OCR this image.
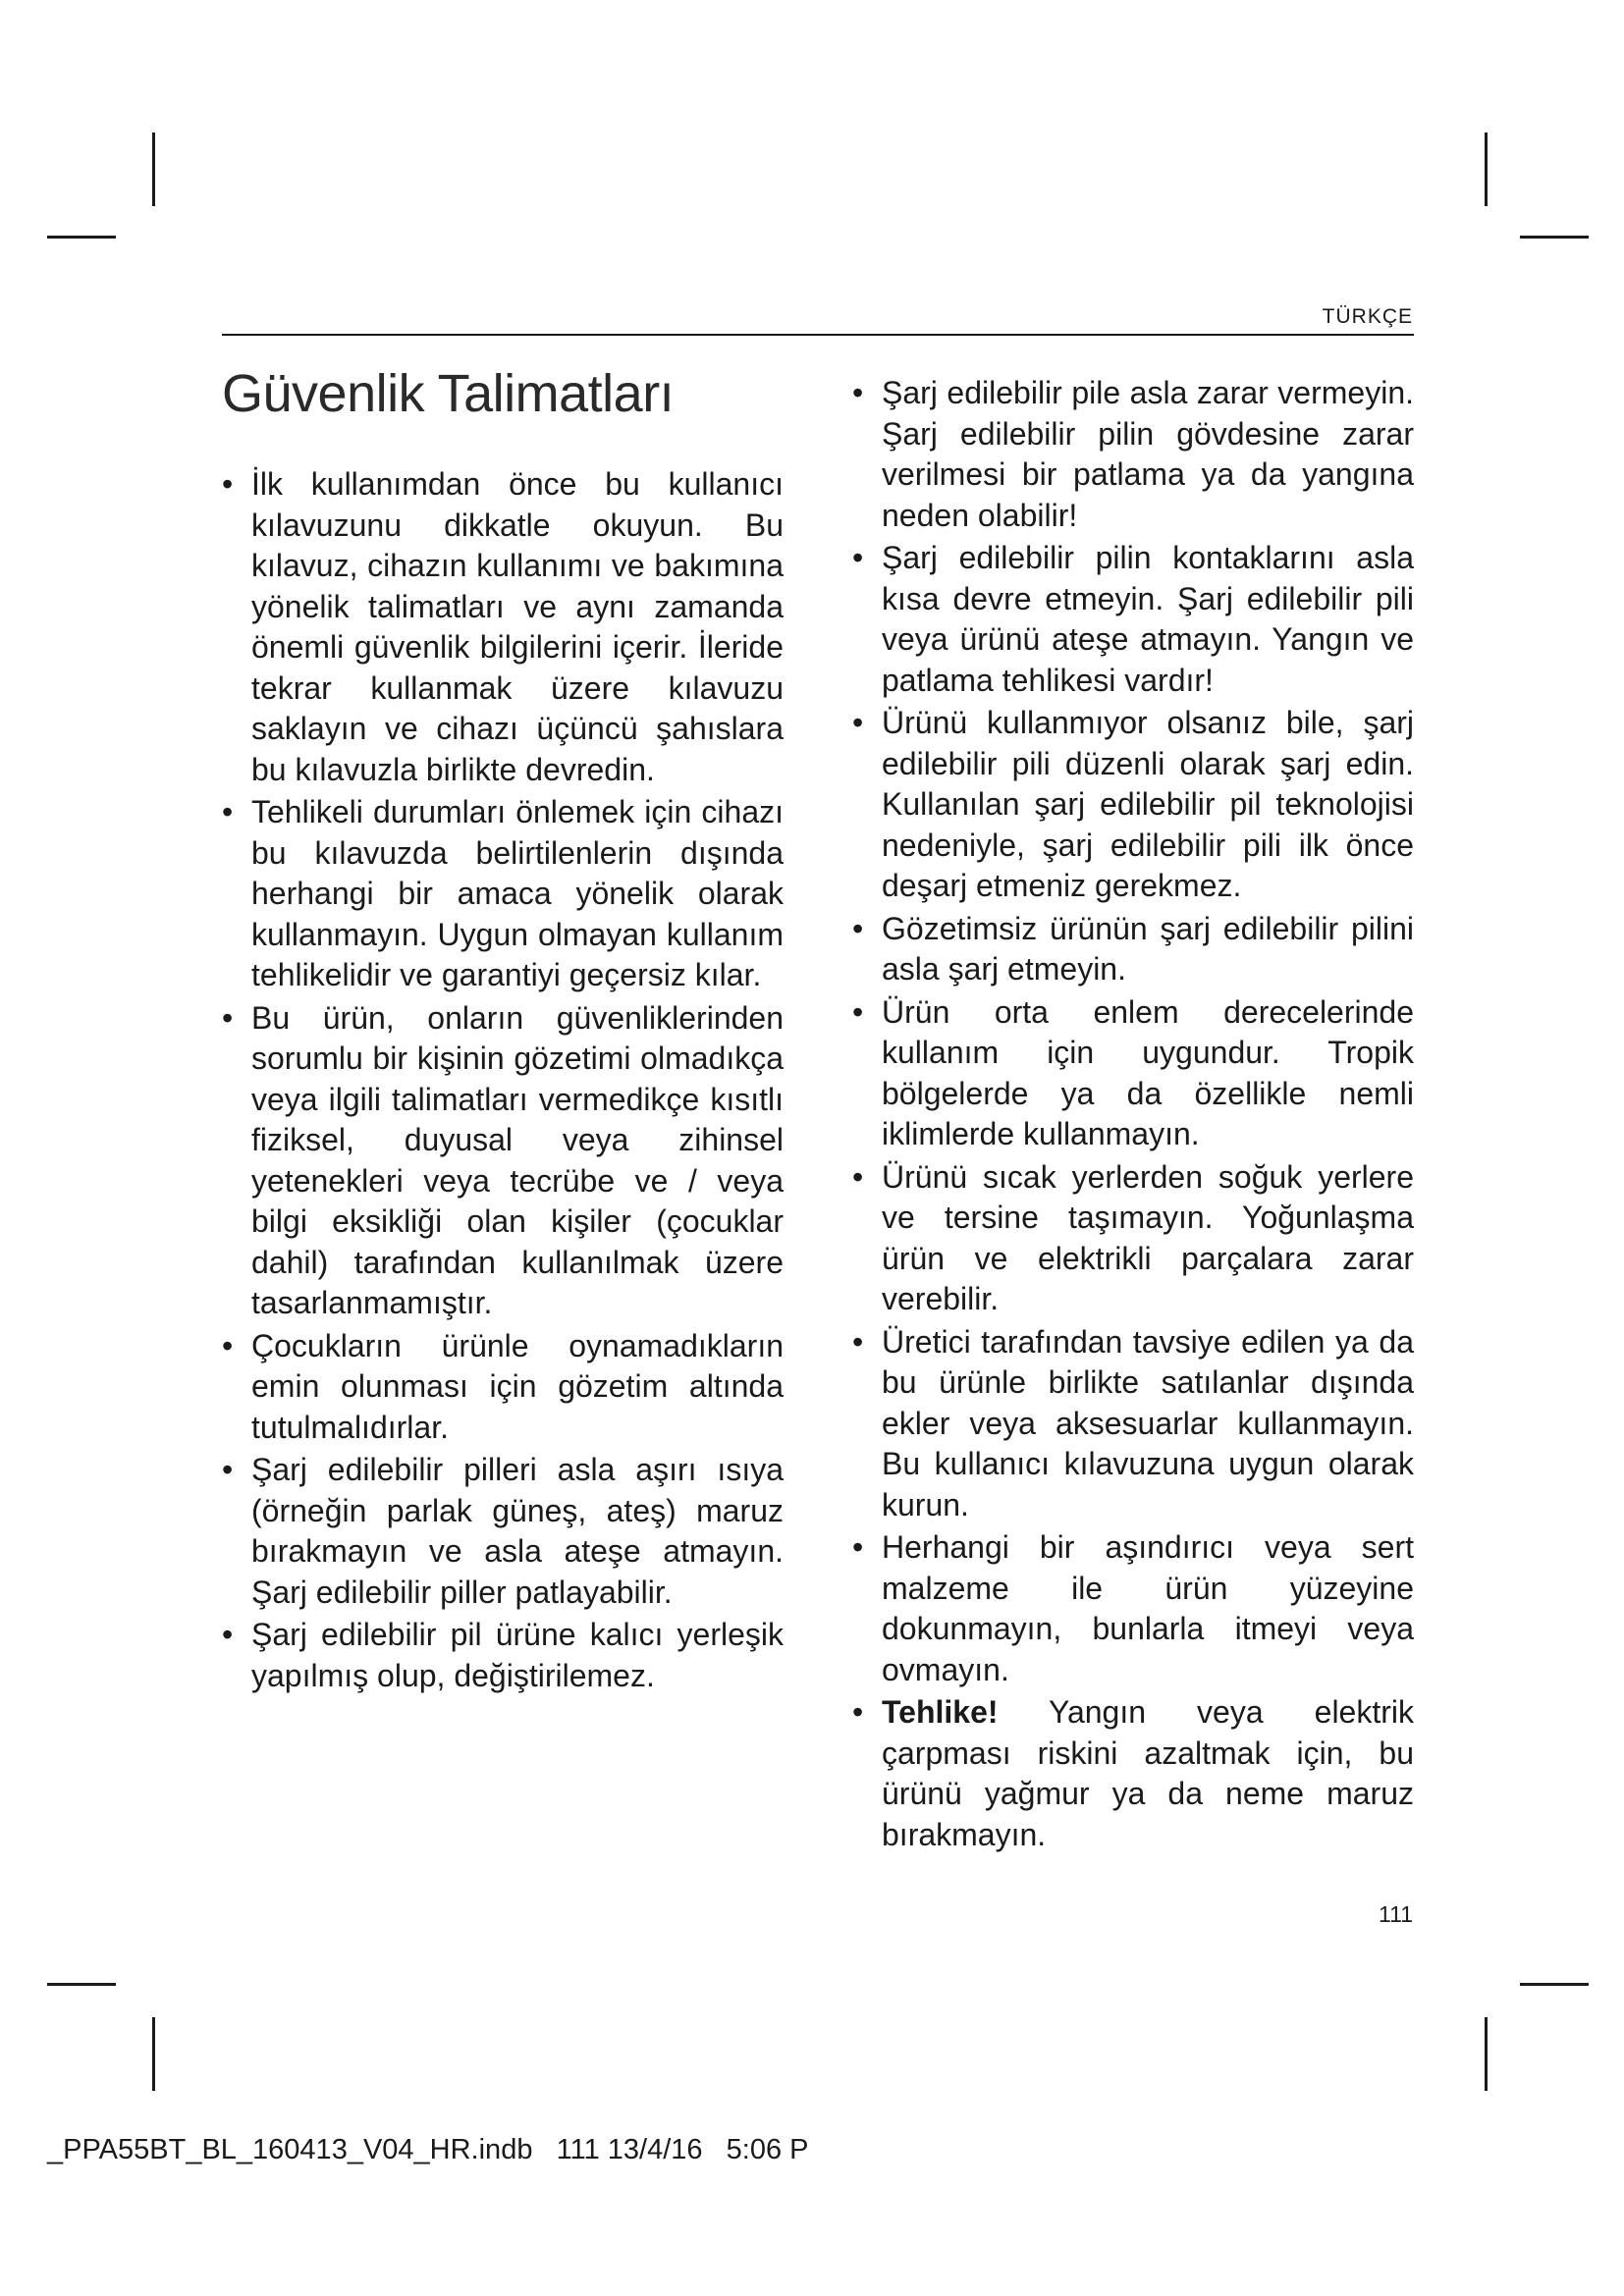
TÜRKÇE
Güvenlik Talimatları
• İlk kullanımdan önce bu kullanıcı kılavuzunu dikkatle okuyun. Bu kılavuz, cihazın kullanımı ve bakımına yönelik talimatları ve aynı zamanda önemli güvenlik bilgilerini içerir. İleride tekrar kullanmak üzere kılavuzu saklayın ve cihazı üçüncü şahıslara bu kılavuzla birlikte devredin.
• Tehlikeli durumları önlemek için cihazı bu kılavuzda belirtilenlerin dışında herhangi bir amaca yönelik olarak kullanmayın. Uygun olmayan kullanım tehlikelidir ve garantiyi geçersiz kılar.
• Bu ürün, onların güvenliklerinden sorumlu bir kişinin gözetimi olmadıkça veya ilgili talimatları vermedikçe kısıtlı fiziksel, duyusal veya zihinsel yetenekleri veya tecrübe ve / veya bilgi eksikliği olan kişiler (çocuklar dahil) tarafından kullanılmak üzere tasarlanmamıştır.
• Çocukların ürünle oynamadıkların emin olunması için gözetim altında tutulmalıdırlar.
• Şarj edilebilir pilleri asla aşırı ısıya (örneğin parlak güneş, ateş) maruz bırakmayın ve asla ateşe atmayın. Şarj edilebilir piller patlayabilir.
• Şarj edilebilir pil ürüne kalıcı yerleşik yapılmış olup, değiştirilemez.
• Şarj edilebilir pile asla zarar vermeyin. Şarj edilebilir pilin gövdesine zarar verilmesi bir patlama ya da yangına neden olabilir!
• Şarj edilebilir pilin kontaklarını asla kısa devre etmeyin. Şarj edilebilir pili veya ürünü ateşe atmayın. Yangın ve patlama tehlikesi vardır!
• Ürünü kullanmıyor olsanız bile, şarj edilebilir pili düzenli olarak şarj edin. Kullanılan şarj edilebilir pil teknolojisi nedeniyle, şarj edilebilir pili ilk önce deşarj etmeniz gerekmez.
• Gözetimsiz ürünün şarj edilebilir pilini asla şarj etmeyin.
• Ürün orta enlem derecelerinde kullanım için uygundur. Tropik bölgelerde ya da özellikle nemli iklimlerde kullanmayın.
• Ürünü sıcak yerlerden soğuk yerlere ve tersine taşımayın. Yoğunlaşma ürün ve elektrikli parçalara zarar verebilir.
• Üretici tarafından tavsiye edilen ya da bu ürünle birlikte satılanlar dışında ekler veya aksesuarlar kullanmayın. Bu kullanıcı kılavuzuna uygun olarak kurun.
• Herhangi bir aşındırıcı veya sert malzeme ile ürün yüzeyine dokunmayın, bunlarla itmeyi veya ovmayın.
• Tehlike! Yangın veya elektrik çarpması riskini azaltmak için, bu ürünü yağmur ya da neme maruz bırakmayın.
111
_PPA55BT_BL_160413_V04_HR.indb   111 13/4/16   5:06 P
